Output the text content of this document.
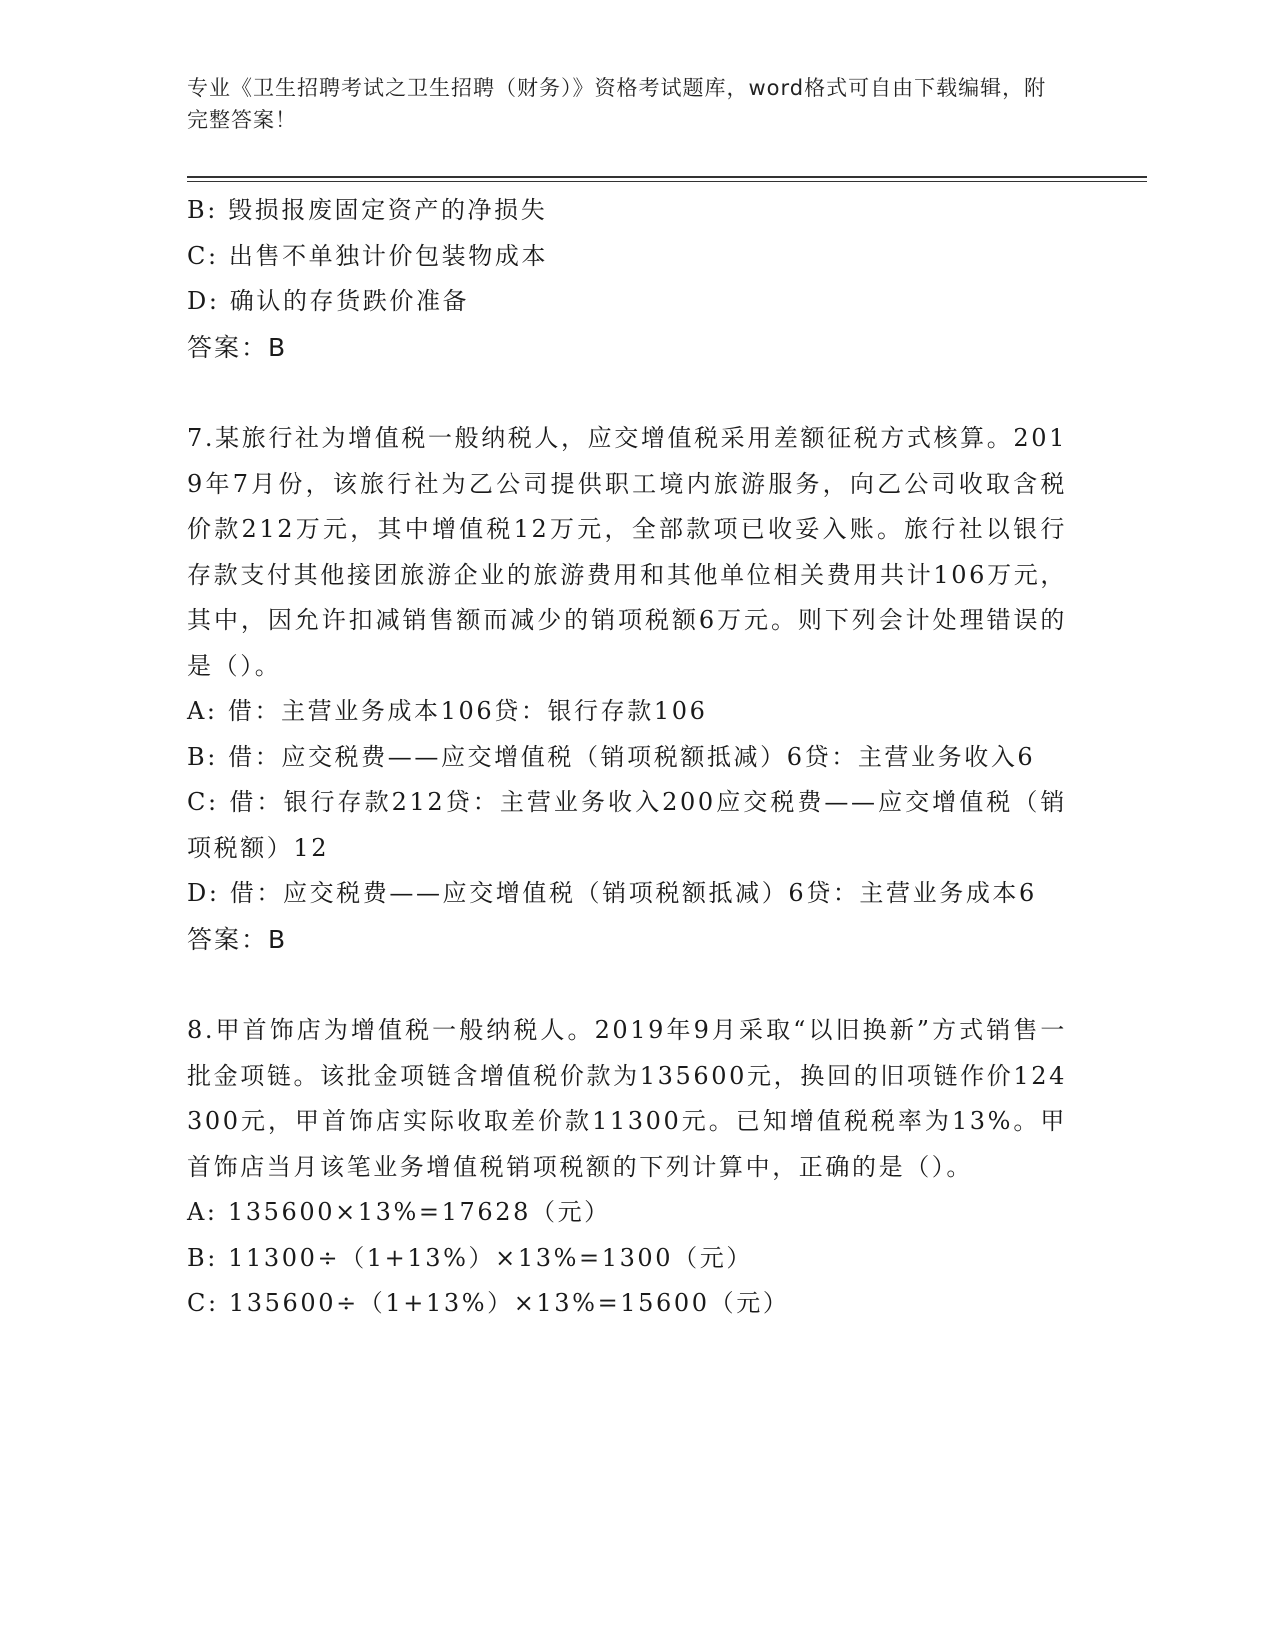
专业《卫生招聘考试之卫生招聘（财务）》资格考试题库，word格式可自由下载编辑，附完整答案！

B: 毁损报废固定资产的净损失

C: 出售不单独计价包装物成本

D: 确认的存货跌价准备

答案：B

7.某旅行社为增值税一般纳税人，应交增值税采用差额征税方式核算。2019年7月份，该旅行社为乙公司提供职工境内旅游服务，向乙公司收取含税价款212万元，其中增值税12万元，全部款项已收妥入账。旅行社以银行存款支付其他接团旅游企业的旅游费用和其他单位相关费用共计106万元，其中，因允许扣减销售额而减少的销项税额6万元。则下列会计处理错误的是（）。

A: 借：主营业务成本106贷：银行存款106

B: 借：应交税费——应交增值税（销项税额抵减）6贷：主营业务收入6

C: 借：银行存款212贷：主营业务收入200应交税费——应交增值税（销项税额）12

D: 借：应交税费——应交增值税（销项税额抵减）6贷：主营业务成本6

答案：B

8.甲首饰店为增值税一般纳税人。2019年9月采取“以旧换新”方式销售一批金项链。该批金项链含增值税价款为135600元，换回的旧项链作价124300元，甲首饰店实际收取差价款11300元。已知增值税税率为13%。甲首饰店当月该笔业务增值税销项税额的下列计算中，正确的是（）。

A: 135600×13%=17628（元）

B: 11300÷（1+13%）×13%=1300（元）

C: 135600÷（1+13%）×13%=15600（元）
